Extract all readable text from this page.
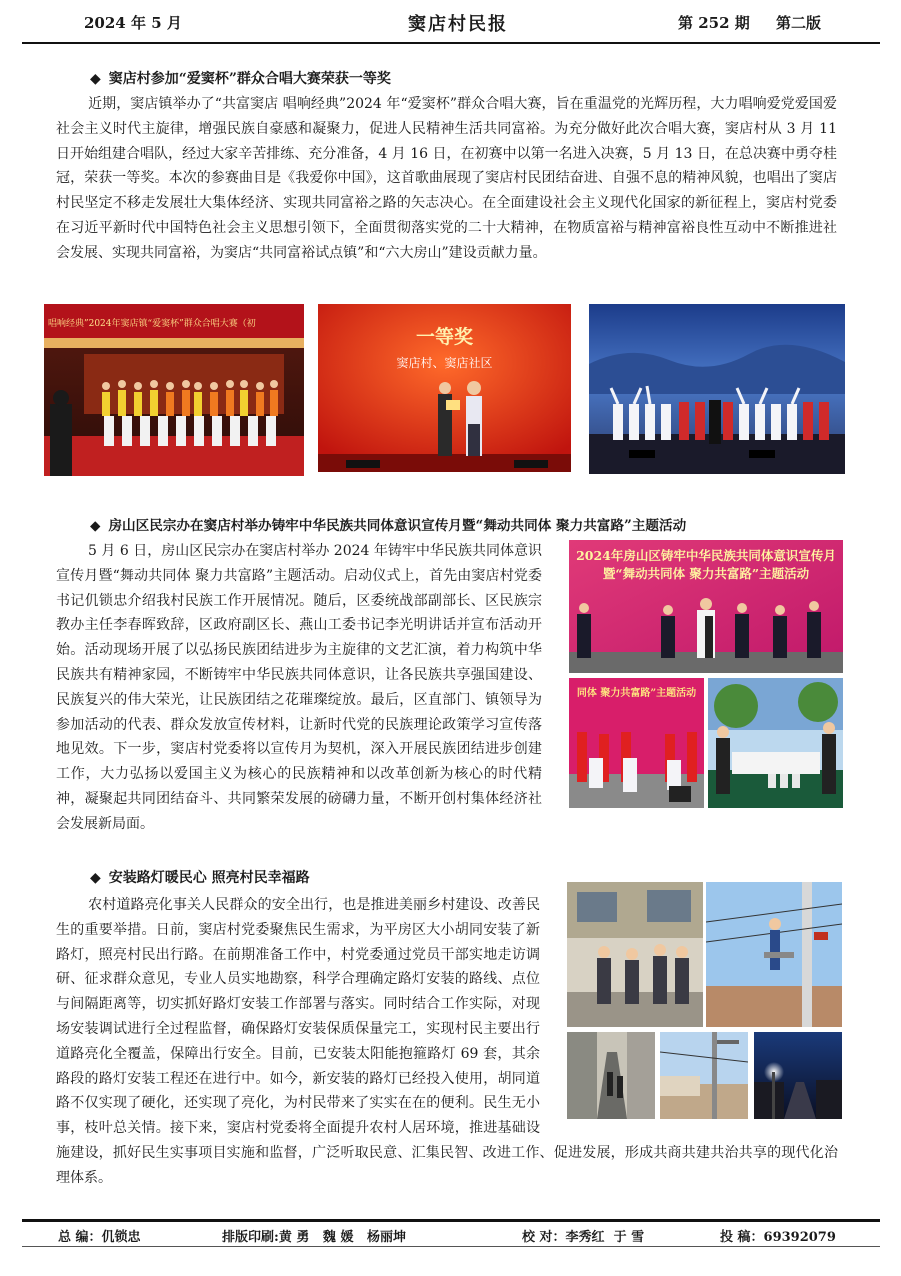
2024 年 5 月	窦店村民报	第 252 期 第二版
◆ 窦店村参加“爱窦杯”群众合唱大赛荣获一等奖

近期，窦店镇举办了“共富窦店 唱响经典”2024 年“爱窦杯”群众合唱大赛，旨在重温党的光辉历程，大力唱响爱党爱国爱社会主义时代主旋律，增强民族自豪感和凝聚力，促进人民精神生活共同富裕。为充分做好此次合唱大赛，窦店村从 3 月 11 日开始组建合唱队，经过大家辛苦排练、充分准备，4 月 16 日，在初赛中以第一名进入决赛，5 月 13 日，在总决赛中勇夺桂冠，荣获一等奖。本次的参赛曲目是《我爱你中国》，这首歌曲展现了窦店村民团结奋进、自强不息的精神风貌，也唱出了窦店村民坚定不移走发展壮大集体经济、实现共同富裕之路的矢志决心。在全面建设社会主义现代化国家的新征程上，窦店村党委在习近平新时代中国特色社会主义思想引领下，全面贯彻落实党的二十大精神，在物质富裕与精神富裕良性互动中不断推进社会发展、实现共同富裕，为窦店“共同富裕试点镇”和“六大房山”建设贡献力量。

唱响经典”2024年窦店镇“爱窦杯”群众合唱大赛（初
一等奖
窦店村、窦店社区
◆ 房山区民宗办在窦店村举办铸牢中华民族共同体意识宣传月暨“舞动共同体 聚力共富路”主题活动

5 月 6 日，房山区民宗办在窦店村举办 2024 年铸牢中华民族共同体意识宣传月暨“舞动共同体 聚力共富路”主题活动。启动仪式上，首先由窦店村党委书记仉锁忠介绍我村民族工作开展情况。随后，区委统战部副部长、区民族宗教办主任李春晖致辞，区政府副区长、燕山工委书记李光明讲话并宣布活动开始。活动现场开展了以弘扬民族团结进步为主旋律的文艺汇演，着力构筑中华民族共有精神家园，不断铸牢中华民族共同体意识，让各民族共享强国建设、民族复兴的伟大荣光，让民族团结之花璀璨绽放。最后，区直部门、镇领导为参加活动的代表、群众发放宣传材料，让新时代党的民族理论政策学习宣传落地见效。下一步，窦店村党委将以宣传月为契机，深入开展民族团结进步创建工作，大力弘扬以爱国主义为核心的民族精神和以改革创新为核心的时代精神，凝聚起共同团结奋斗、共同繁荣发展的磅礴力量，不断开创村集体经济社会发展新局面。

2024年房山区铸牢中华民族共同体意识宣传月
暨“舞动共同体 聚力共富路”主题活动
同体 聚力共富路”主题活动
◆ 安装路灯暖民心 照亮村民幸福路

农村道路亮化事关人民群众的安全出行，也是推进美丽乡村建设、改善民生的重要举措。日前，窦店村党委聚焦民生需求，为平房区大小胡同安装了新路灯，照亮村民出行路。在前期准备工作中，村党委通过党员干部实地走访调研、征求群众意见，专业人员实地勘察，科学合理确定路灯安装的路线、点位与间隔距离等，切实抓好路灯安装工作部署与落实。同时结合工作实际，对现场安装调试进行全过程监督，确保路灯安装保质保量完工，实现村民主要出行道路亮化全覆盖，保障出行安全。目前，已安装太阳能抱箍路灯 69 套，其余路段的路灯安装工程还在进行中。如今，新安装的路灯已经投入使用，胡同道路不仅实现了硬化，还实现了亮化，为村民带来了实实在在的便利。民生无小事，枝叶总关情。接下来，窦店村党委将全面提升农村人居环境，推进基础设施建设，抓好民生实事项目实施和监督，广泛听取民意、汇集民智、改进工作、促进发展，形成共商共建共治共享的现代化治理体系。

总 编：仉锁忠	排版印刷:黄 勇   魏 媛   杨丽坤	校 对：李秀红  于 雪	投 稿：69392079
